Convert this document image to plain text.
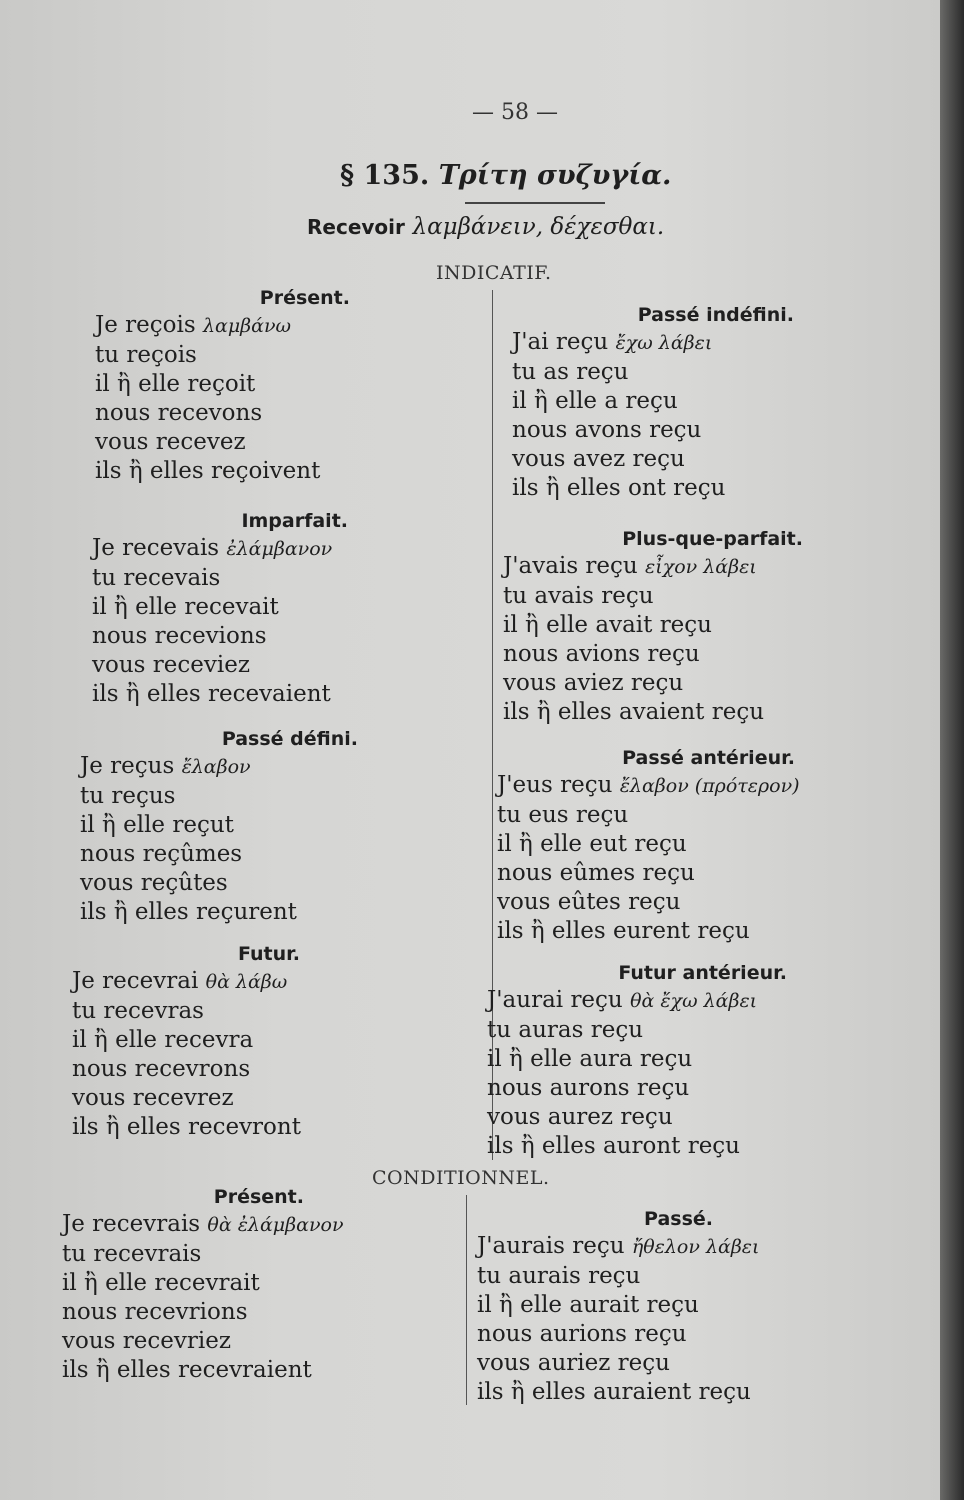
— 58 —
§ 135. Τρίτη συζυγία.
Recevoir λαμβάνειν, δέχεσθαι.
INDICATIF.
CONDITIONNEL.
Présent.
Je reçois λαμβάνω
tu reçois
il ἢ elle reçoit
nous recevons
vous recevez
ils ἢ elles reçoivent
Imparfait.
Je recevais ἐλάμβανον
tu recevais
il ἢ elle recevait
nous recevions
vous receviez
ils ἢ elles recevaient
Passé défini.
Je reçus ἔλαβον
tu reçus
il ἢ elle reçut
nous reçûmes
vous reçûtes
ils ἢ elles reçurent
Futur.
Je recevrai θὰ λάβω
tu recevras
il ἢ elle recevra
nous recevrons
vous recevrez
ils ἢ elles recevront
Présent.
Je recevrais θὰ ἐλάμβανον
tu recevrais
il ἢ elle recevrait
nous recevrions
vous recevriez
ils ἢ elles recevraient
Passé indéfini.
J'ai reçu ἔχω λάβει
tu as reçu
il ἢ elle a reçu
nous avons reçu
vous avez reçu
ils ἢ elles ont reçu
Plus-que-parfait.
J'avais reçu εἶχον λάβει
tu avais reçu
il ἢ elle avait reçu
nous avions reçu
vous aviez reçu
ils ἢ elles avaient reçu
Passé antérieur.
J'eus reçu ἔλαβον (πρότερον)
tu eus reçu
il ἢ elle eut reçu
nous eûmes reçu
vous eûtes reçu
ils ἢ elles eurent reçu
Futur antérieur.
J'aurai reçu θὰ ἔχω λάβει
tu auras reçu
il ἢ elle aura reçu
nous aurons reçu
vous aurez reçu
ils ἢ elles auront reçu
Passé.
J'aurais reçu ἤθελον λάβει
tu aurais reçu
il ἢ elle aurait reçu
nous aurions reçu
vous auriez reçu
ils ἢ elles auraient reçu
